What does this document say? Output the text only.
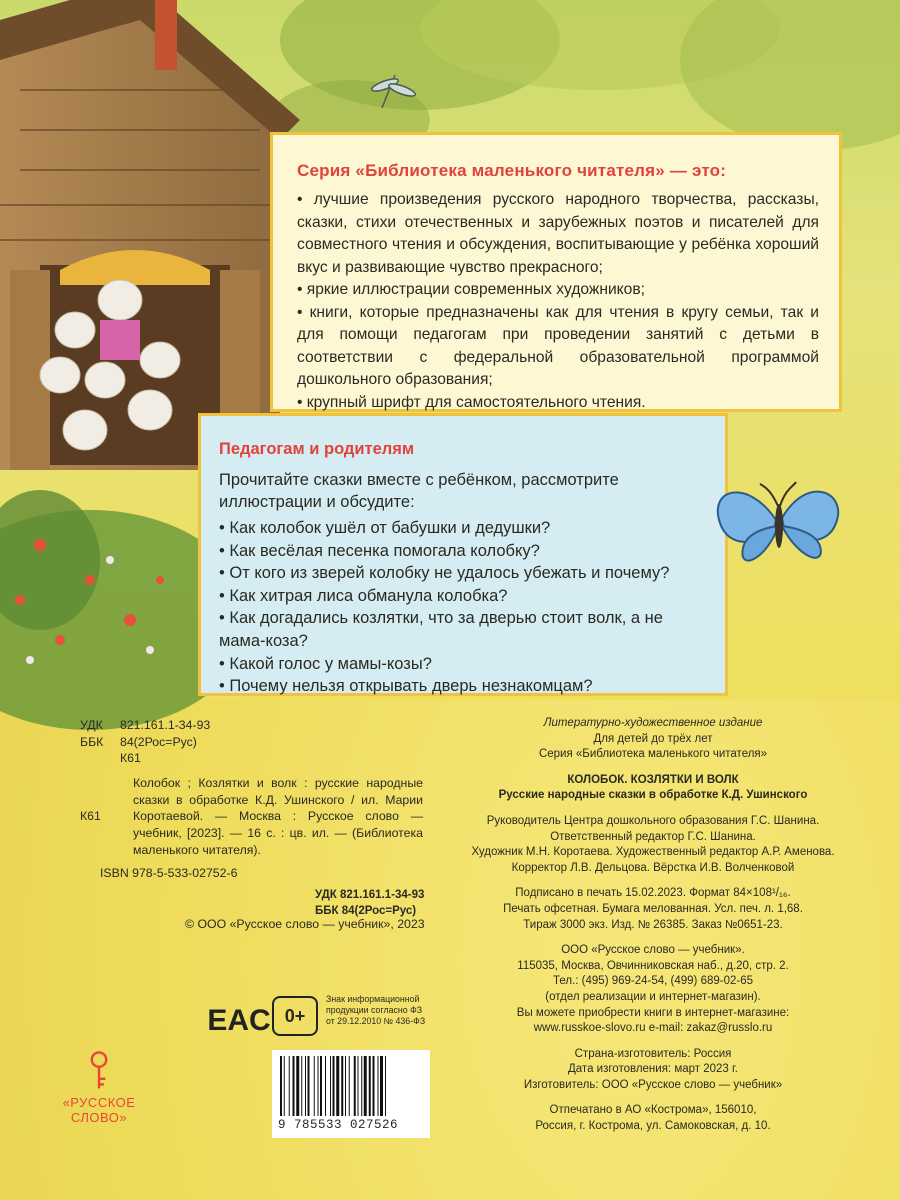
Серия «Библиотека маленького читателя» — это:
• лучшие произведения русского народного творчества, рассказы, сказки, стихи отечественных и зарубежных поэтов и писателей для совместного чтения и обсуждения, воспитывающие у ребёнка хороший вкус и развивающие чувство прекрасного;
• яркие иллюстрации современных художников;
• книги, которые предназначены как для чтения в кругу семьи, так и для помощи педагогам при проведении занятий с детьми в соответствии с федеральной образовательной программой дошкольного образования;
• крупный шрифт для самостоятельного чтения.
Педагогам и родителям

Прочитайте сказки вместе с ребёнком, рассмотрите иллюстрации и обсудите:

• Как колобок ушёл от бабушки и дедушки?
• Как весёлая песенка помогала колобку?
• От кого из зверей колобку не удалось убежать и почему?
• Как хитрая лиса обманула колобка?
• Как догадались козлятки, что за дверью стоит волк, а не мама-коза?
• Какой голос у мамы-козы?
• Почему нельзя открывать дверь незнакомцам?
УДК	821.161.1-34-93
ББК	84(2Рос=Рус)
К61
Колобок ; Козлятки и волк : русские народные сказки в обработке К.Д. Ушинского / ил. Марии Коротаевой. — Москва : Русское слово — учебник, [2023]. — 16 с. : цв. ил. — (Библиотека маленького читателя).
К61
ISBN 978-5-533-02752-6
УДК 821.161.1-34-93
ББК 84(2Рос=Рус)
© ООО «Русское слово — учебник», 2023
Литературно-художественное издание
Для детей до трёх лет
Серия «Библиотека маленького читателя»
КОЛОБОК. КОЗЛЯТКИ И ВОЛК
Русские народные сказки в обработке К.Д. Ушинского
Руководитель Центра дошкольного образования Г.С. Шанина.
Ответственный редактор Г.С. Шанина.
Художник М.Н. Коротаева. Художественный редактор А.Р. Аменова.
Корректор Л.В. Дельцова. Вёрстка И.В. Волченковой
Подписано в печать 15.02.2023. Формат 84×108¹/₁₆.
Печать офсетная. Бумага мелованная. Усл. печ. л. 1,68.
Тираж 3000 экз. Изд. № 26385. Заказ №0651-23.
ООО «Русское слово — учебник».
115035, Москва, Овчинниковская наб., д.20, стр. 2.
Тел.: (495) 969-24-54, (499) 689-02-65
(отдел реализации и интернет-магазин).
Вы можете приобрести книги в интернет-магазине:
www.russkoe-slovo.ru e-mail: zakaz@russlo.ru
Страна-изготовитель: Россия
Дата изготовления: март 2023 г.
Изготовитель: ООО «Русское слово — учебник»
Отпечатано в АО «Кострома», 156010,
Россия, г. Кострома, ул. Самоковская, д. 10.
EAC 0+
Знак информационной продукции согласно ФЗ от 29.12.2010 № 436-ФЗ
«РУССКОЕ СЛОВО»	9 785533 027526
